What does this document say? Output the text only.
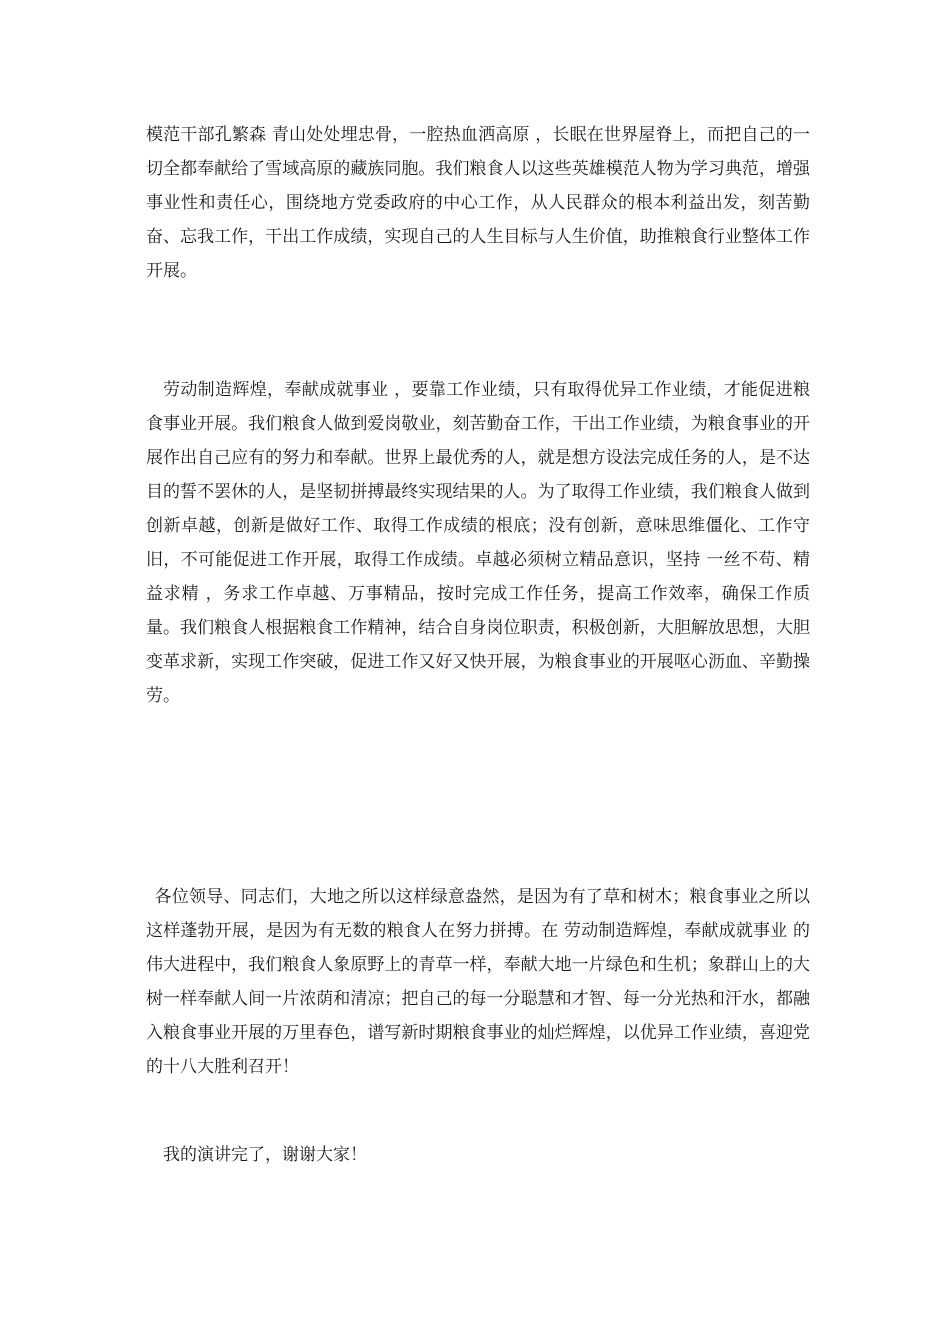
模范干部孔繁森 青山处处埋忠骨，一腔热血洒高原 ，长眠在世界屋脊上，而把自己的一切全都奉献给了雪域高原的藏族同胞。我们粮食人以这些英雄模范人物为学习典范，增强事业性和责任心，围绕地方党委政府的中心工作，从人民群众的根本利益出发，刻苦勤奋、忘我工作，干出工作成绩，实现自己的人生目标与人生价值，助推粮食行业整体工作开展。

劳动制造辉煌，奉献成就事业 ，要靠工作业绩，只有取得优异工作业绩，才能促进粮食事业开展。我们粮食人做到爱岗敬业，刻苦勤奋工作，干出工作业绩，为粮食事业的开展作出自己应有的努力和奉献。世界上最优秀的人，就是想方设法完成任务的人，是不达目的誓不罢休的人，是坚韧拼搏最终实现结果的人。为了取得工作业绩，我们粮食人做到创新卓越，创新是做好工作、取得工作成绩的根底；没有创新，意味思维僵化、工作守旧，不可能促进工作开展，取得工作成绩。卓越必须树立精品意识，坚持 一丝不苟、精益求精 ，务求工作卓越、万事精品，按时完成工作任务，提高工作效率，确保工作质量。我们粮食人根据粮食工作精神，结合自身岗位职责，积极创新，大胆解放思想，大胆变革求新，实现工作突破，促进工作又好又快开展，为粮食事业的开展呕心沥血、辛勤操劳。

各位领导、同志们，大地之所以这样绿意盎然，是因为有了草和树木；粮食事业之所以这样蓬勃开展，是因为有无数的粮食人在努力拼搏。在 劳动制造辉煌，奉献成就事业 的伟大进程中，我们粮食人象原野上的青草一样，奉献大地一片绿色和生机；象群山上的大树一样奉献人间一片浓荫和清凉；把自己的每一分聪慧和才智、每一分光热和汗水，都融入粮食事业开展的万里春色，谱写新时期粮食事业的灿烂辉煌，以优异工作业绩，喜迎党的十八大胜利召开！

我的演讲完了，谢谢大家！
